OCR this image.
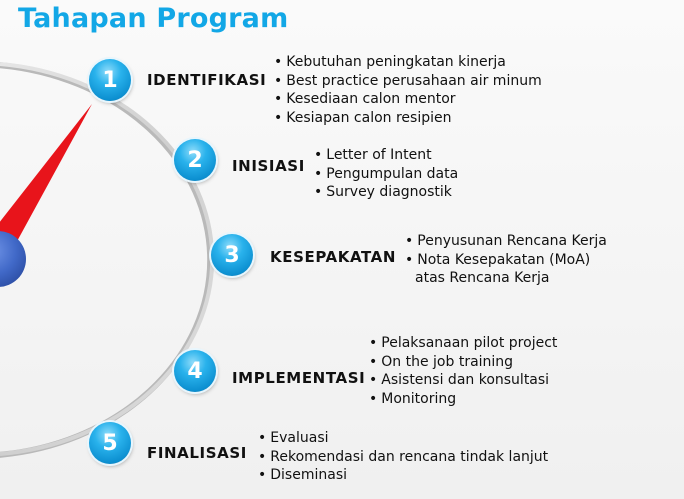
Tahapan Program
1	IDENTIFIKASI
• Kebutuhan peningkatan kinerja
• Best practice perusahaan air minum
• Kesediaan calon mentor
• Kesiapan calon resipien
2	INISIASI
• Letter of Intent
• Pengumpulan data
• Survey diagnostik
3	KESEPAKATAN
• Penyusunan Rencana Kerja
• Nota Kesepakatan (MoA)
atas Rencana Kerja
4	IMPLEMENTASI
• Pelaksanaan pilot project
• On the job training
• Asistensi dan konsultasi
• Monitoring
5	FINALISASI
• Evaluasi
• Rekomendasi dan rencana tindak lanjut
• Diseminasi
